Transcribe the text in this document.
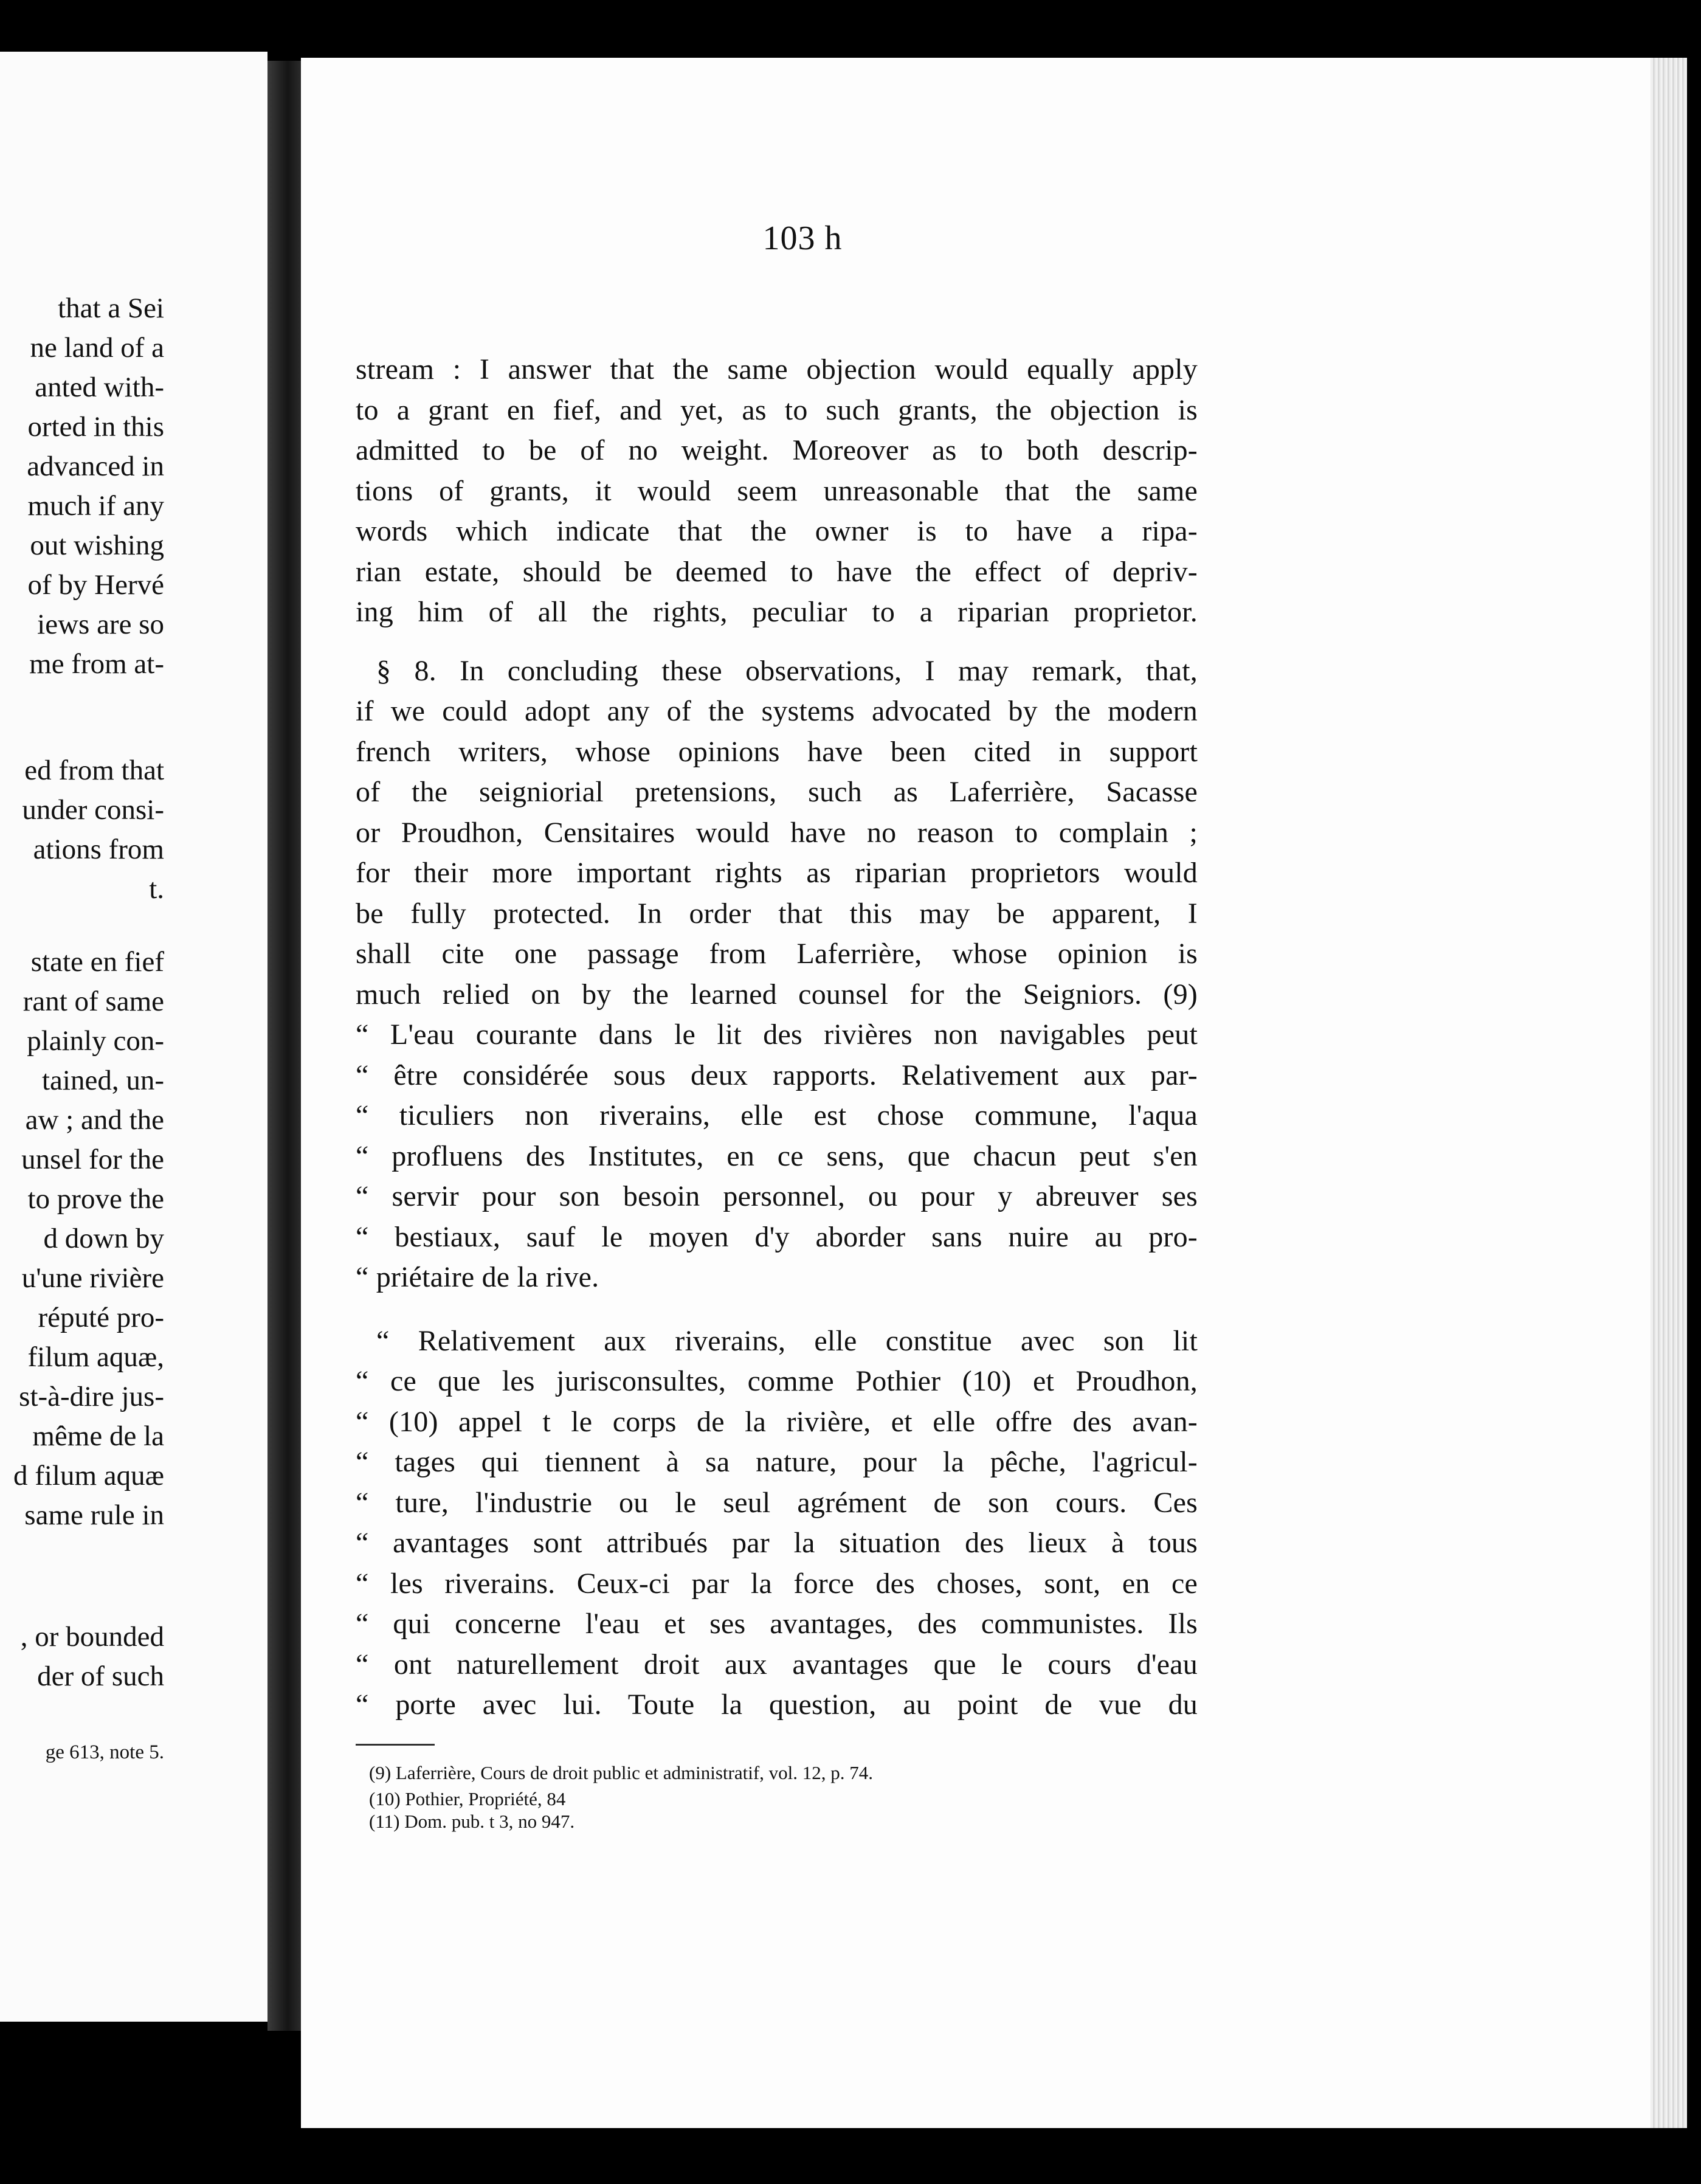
that a Sei
ne land of a
anted with-
orted in this
advanced in
much if any
out wishing
of by Hervé
iews are so
me from at-
ed from that
under consi-
ations from
t.
state en fief
rant of same
plainly con-
tained, un-
aw ; and the
unsel for the
to prove the
d down by
u'une rivière
réputé pro-
filum aquæ,
st-à-dire jus-
même de la
d filum aquæ
same rule in
, or bounded
der of such
ge 613, note 5.
103 h
stream : I answer that the same objection would equally apply
to a grant en fief, and yet, as to such grants, the objection is
admitted to be of no weight. Moreover as to both descrip-
tions of grants, it would seem unreasonable that the same
words which indicate that the owner is to have a ripa-
rian estate, should be deemed to have the effect of depriv-
ing him of all the rights, peculiar to a riparian proprietor.
§ 8. In concluding these observations, I may remark, that,
if we could adopt any of the systems advocated by the modern
french writers, whose opinions have been cited in support
of the seigniorial pretensions, such as Laferrière, Sacasse
or Proudhon, Censitaires would have no reason to complain ;
for their more important rights as riparian proprietors would
be fully protected. In order that this may be apparent, I
shall cite one passage from Laferrière, whose opinion is
much relied on by the learned counsel for the Seigniors. (9)
“ L'eau courante dans le lit des rivières non navigables peut
“ être considérée sous deux rapports. Relativement aux par-
“ ticuliers non riverains, elle est chose commune, l'aqua
“ profluens des Institutes, en ce sens, que chacun peut s'en
“ servir pour son besoin personnel, ou pour y abreuver ses
“ bestiaux, sauf le moyen d'y aborder sans nuire au pro-
“ priétaire de la rive.
“ Relativement aux riverains, elle constitue avec son lit
“ ce que les jurisconsultes, comme Pothier (10) et Proudhon,
“ (10) appel t le corps de la rivière, et elle offre des avan-
“ tages qui tiennent à sa nature, pour la pêche, l'agricul-
“ ture, l'industrie ou le seul agrément de son cours. Ces
“ avantages sont attribués par la situation des lieux à tous
“ les riverains. Ceux-ci par la force des choses, sont, en ce
“ qui concerne l'eau et ses avantages, des communistes. Ils
“ ont naturellement droit aux avantages que le cours d'eau
“ porte avec lui. Toute la question, au point de vue du
(9) Laferrière, Cours de droit public et administratif, vol. 12, p. 74.
(10) Pothier, Propriété, 84
(11) Dom. pub. t 3, no 947.
